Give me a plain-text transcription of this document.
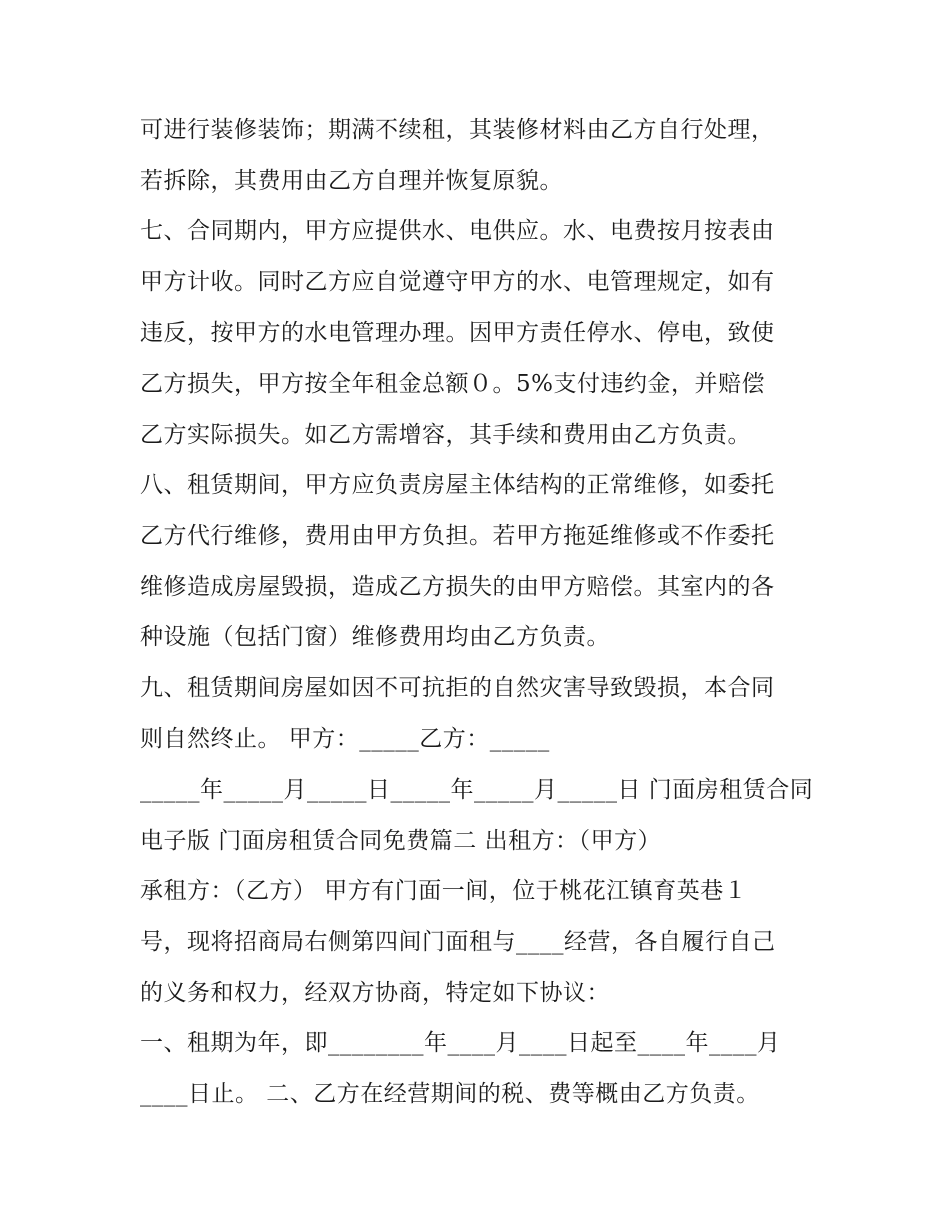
可进行装修装饰；期满不续租，其装修材料由乙方自行处理，
若拆除，其费用由乙方自理并恢复原貌。
七、合同期内，甲方应提供水、电供应。水、电费按月按表由
甲方计收。同时乙方应自觉遵守甲方的水、电管理规定，如有
违反，按甲方的水电管理办理。因甲方责任停水、停电，致使
乙方损失，甲方按全年租金总额０。5%支付违约金，并赔偿
乙方实际损失。如乙方需增容，其手续和费用由乙方负责。
八、租赁期间，甲方应负责房屋主体结构的正常维修，如委托
乙方代行维修，费用由甲方负担。若甲方拖延维修或不作委托
维修造成房屋毁损，造成乙方损失的由甲方赔偿。其室内的各
种设施（包括门窗）维修费用均由乙方负责。
九、租赁期间房屋如因不可抗拒的自然灾害导致毁损，本合同
则自然终止。 甲方：_____乙方：_____
_____年_____月_____日_____年_____月_____日 门面房租赁合同
电子版 门面房租赁合同免费篇二 出租方：（甲方）
承租方：（乙方） 甲方有门面一间，位于桃花江镇育英巷１
号，现将招商局右侧第四间门面租与____经营，各自履行自己
的义务和权力，经双方协商，特定如下协议：
一、租期为年，即________年____月____日起至____年____月
____日止。 二、乙方在经营期间的税、费等概由乙方负责。
